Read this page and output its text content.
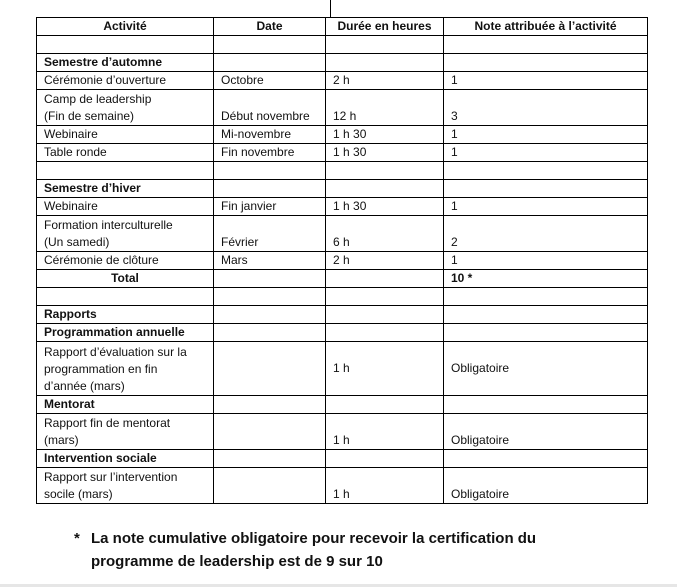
Activité	Date	Durée en heures	Note attribuée à l’activité

Semestre d’automne			
Cérémonie d’ouverture	Octobre	2 h	1
Camp de leadership
(Fin de semaine)	Début novembre	12 h	3
Webinaire	Mi-novembre	1 h 30	1
Table ronde	Fin novembre	1 h 30	1

Semestre d’hiver			
Webinaire	Fin janvier	1 h 30	1
Formation interculturelle
(Un samedi)	Février	6 h	2
Cérémonie de clôture	Mars	2 h	1
Total			10 *

Rapports			
Programmation annuelle			
Rapport d’évaluation sur la
programmation en fin
d’année (mars)		1 h	Obligatoire
Mentorat			
Rapport fin de mentorat
(mars)		1 h	Obligatoire
Intervention sociale			
Rapport sur l’intervention
socile (mars)		1 h	Obligatoire
* La note cumulative obligatoire pour recevoir la certification du
programme de leadership est de 9 sur 10
